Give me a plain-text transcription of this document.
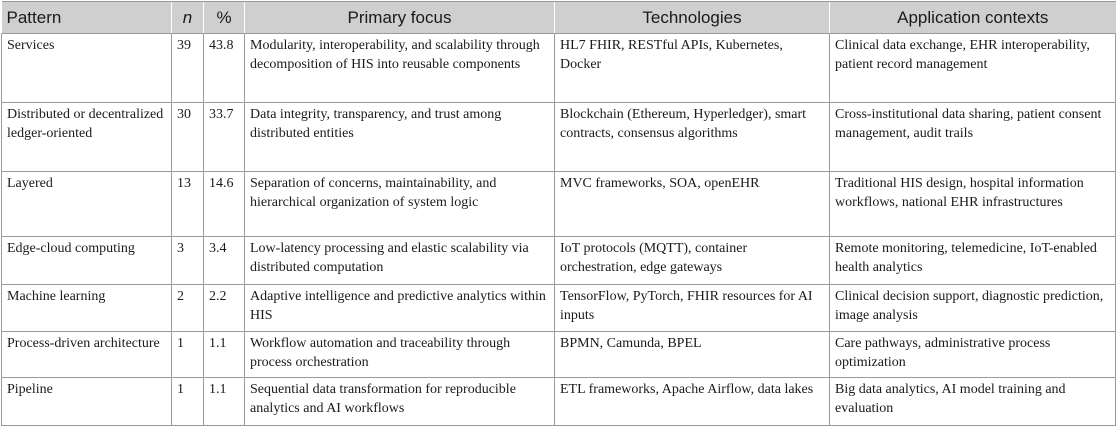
Pattern	n	%	Primary focus	Technologies	Application contexts
Services	39	43.8	Modularity, interoperability, and scalability through decomposition of HIS into reusable components	HL7 FHIR, RESTful APIs, Kubernetes, Docker	Clinical data exchange, EHR interoperability, patient record management
Distributed or decentralized ledger-oriented	30	33.7	Data integrity, transparency, and trust among distributed entities	Blockchain (Ethereum, Hyperledger), smart contracts, consensus algorithms	Cross-institutional data sharing, patient consent management, audit trails
Layered	13	14.6	Separation of concerns, maintainability, and hierarchical organization of system logic	MVC frameworks, SOA, openEHR	Traditional HIS design, hospital information workflows, national EHR infrastructures
Edge-cloud computing	3	3.4	Low-latency processing and elastic scalability via distributed computation	IoT protocols (MQTT), container orchestration, edge gateways	Remote monitoring, telemedicine, IoT-enabled health analytics
Machine learning	2	2.2	Adaptive intelligence and predictive analytics within HIS	TensorFlow, PyTorch, FHIR resources for AI inputs	Clinical decision support, diagnostic prediction, image analysis
Process-driven architecture	1	1.1	Workflow automation and traceability through process orchestration	BPMN, Camunda, BPEL	Care pathways, administrative process optimization
Pipeline	1	1.1	Sequential data transformation for reproducible analytics and AI workflows	ETL frameworks, Apache Airflow, data lakes	Big data analytics, AI model training and evaluation
